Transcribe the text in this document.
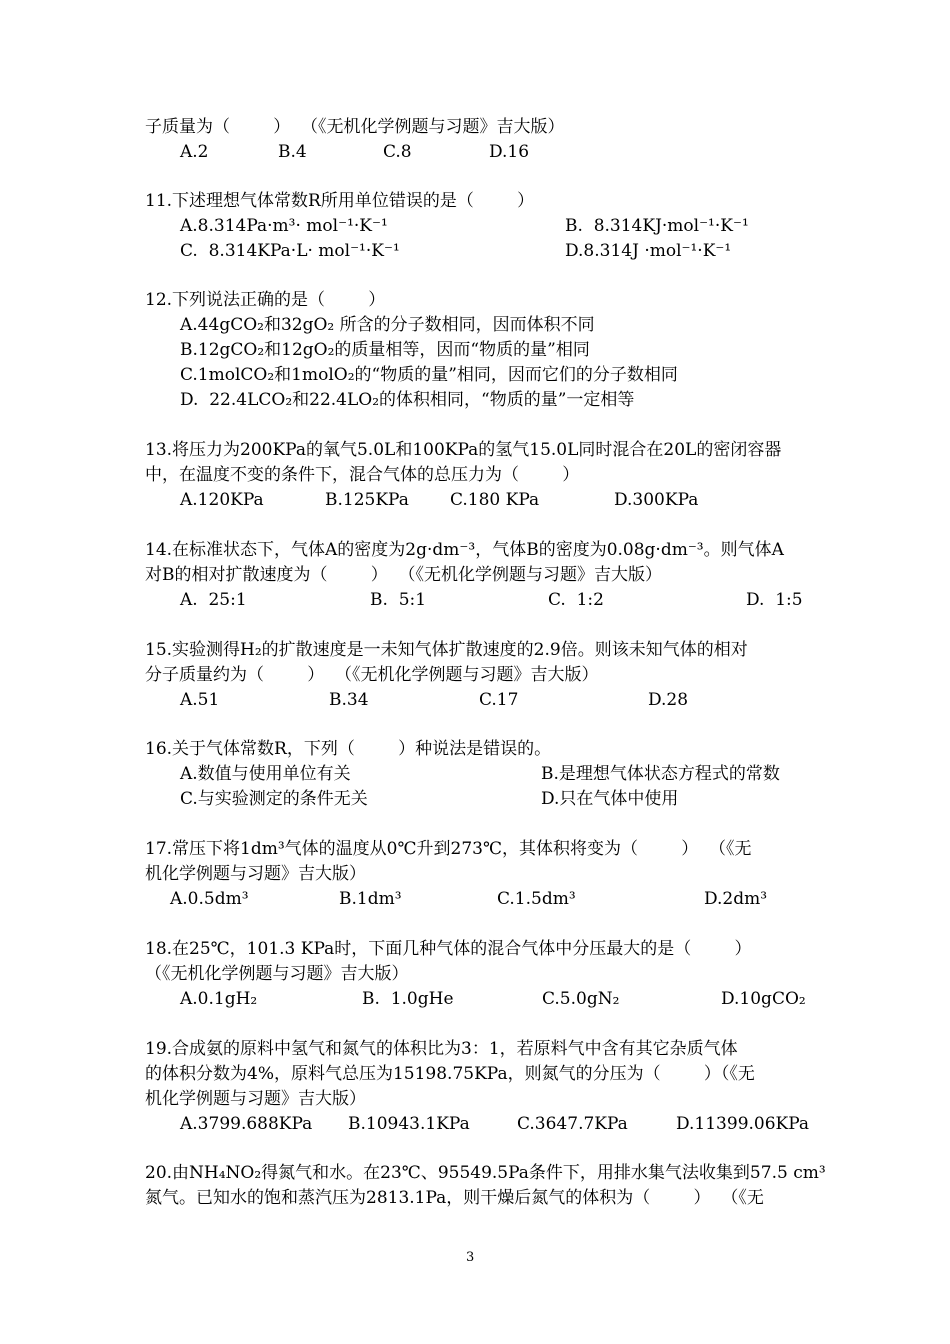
子质量为（        ）  （《无机化学例题与习题》吉大版）
A.2	B.4	C.8	D.16
11.下述理想气体常数R所用单位错误的是（        ）
A.8.314Pa·m³· mol⁻¹·K⁻¹	B.  8.314KJ·mol⁻¹·K⁻¹
C.  8.314KPa·L· mol⁻¹·K⁻¹	D.8.314J ·mol⁻¹·K⁻¹
12.下列说法正确的是（        ）
A.44gCO₂和32gO₂ 所含的分子数相同，因而体积不同
B.12gCO₂和12gO₂的质量相等，因而“物质的量”相同
C.1molCO₂和1molO₂的“物质的量”相同，因而它们的分子数相同
D.  22.4LCO₂和22.4LO₂的体积相同，“物质的量”一定相等
13.将压力为200KPa的氧气5.0L和100KPa的氢气15.0L同时混合在20L的密闭容器
中，在温度不变的条件下，混合气体的总压力为（        ）
A.120KPa	B.125KPa C.180 KPa	D.300KPa
14.在标准状态下，气体A的密度为2g·dm⁻³，气体B的密度为0.08g·dm⁻³。则气体A
对B的相对扩散速度为（        ）  （《无机化学例题与习题》吉大版）
A.  25:1	B.  5:1	C.  1:2	D.  1:5
15.实验测得H₂的扩散速度是一未知气体扩散速度的2.9倍。则该未知气体的相对
分子质量约为（        ）  （《无机化学例题与习题》吉大版）
A.51	B.34	C.17	D.28
16.关于气体常数R，下列（        ）种说法是错误的。
A.数值与使用单位有关	B.是理想气体状态方程式的常数
C.与实验测定的条件无关	D.只在气体中使用
17.常压下将1dm³气体的温度从0℃升到273℃，其体积将变为（        ）  （《无
机化学例题与习题》吉大版）
A.0.5dm³	B.1dm³	C.1.5dm³	D.2dm³
18.在25℃，101.3 KPa时，下面几种气体的混合气体中分压最大的是（        ）
（《无机化学例题与习题》吉大版）
A.0.1gH₂	B.  1.0gHe	C.5.0gN₂	D.10gCO₂
19.合成氨的原料中氢气和氮气的体积比为3：1，若原料气中含有其它杂质气体
的体积分数为4%，原料气总压为15198.75KPa，则氮气的分压为（        ）（《无
机化学例题与习题》吉大版）
A.3799.688KPa B.10943.1KPa	C.3647.7KPa	D.11399.06KPa
20.由NH₄NO₂得氮气和水。在23℃、95549.5Pa条件下，用排水集气法收集到57.5 cm³
氮气。已知水的饱和蒸汽压为2813.1Pa，则干燥后氮气的体积为（        ）  （《无
3
